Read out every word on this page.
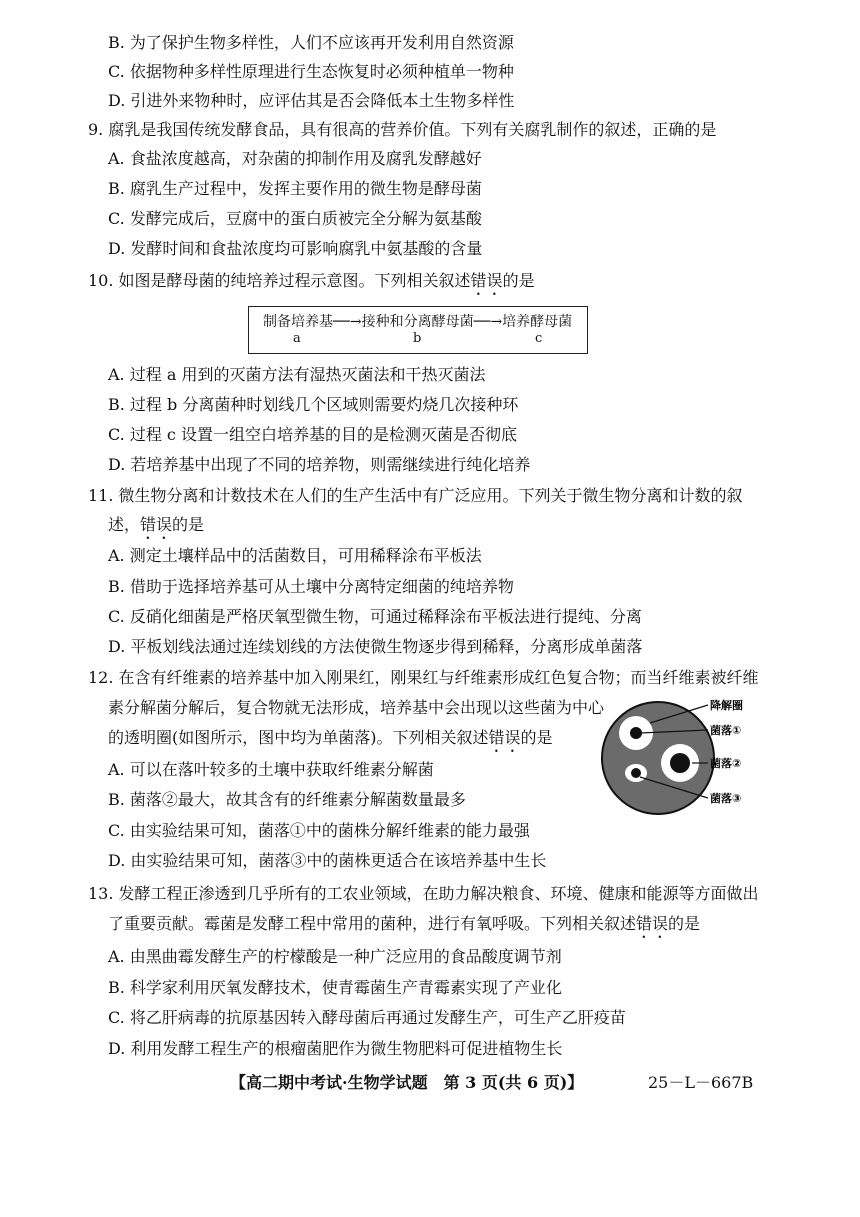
B. 为了保护生物多样性，人们不应该再开发利用自然资源
C. 依据物种多样性原理进行生态恢复时必须种植单一物种
D. 引进外来物种时，应评估其是否会降低本土生物多样性
9. 腐乳是我国传统发酵食品，具有很高的营养价值。下列有关腐乳制作的叙述，正确的是
A. 食盐浓度越高，对杂菌的抑制作用及腐乳发酵越好
B. 腐乳生产过程中，发挥主要作用的微生物是酵母菌
C. 发酵完成后，豆腐中的蛋白质被完全分解为氨基酸
D. 发酵时间和食盐浓度均可影响腐乳中氨基酸的含量
10. 如图是酵母菌的纯培养过程示意图。下列相关叙述错误的是
制备培养基──→接种和分离酵母菌──→培养酵母菌
a	b	c
A. 过程 a 用到的灭菌方法有湿热灭菌法和干热灭菌法
B. 过程 b 分离菌种时划线几个区域则需要灼烧几次接种环
C. 过程 c 设置一组空白培养基的目的是检测灭菌是否彻底
D. 若培养基中出现了不同的培养物，则需继续进行纯化培养
11. 微生物分离和计数技术在人们的生产生活中有广泛应用。下列关于微生物分离和计数的叙
述，错误的是
A. 测定土壤样品中的活菌数目，可用稀释涂布平板法
B. 借助于选择培养基可从土壤中分离特定细菌的纯培养物
C. 反硝化细菌是严格厌氧型微生物，可通过稀释涂布平板法进行提纯、分离
D. 平板划线法通过连续划线的方法使微生物逐步得到稀释，分离形成单菌落
12. 在含有纤维素的培养基中加入刚果红，刚果红与纤维素形成红色复合物；而当纤维素被纤维
素分解菌分解后，复合物就无法形成，培养基中会出现以这些菌为中心
的透明圈(如图所示，图中均为单菌落)。下列相关叙述错误的是
降解圈
菌落①
菌落②
菌落③
A. 可以在落叶较多的土壤中获取纤维素分解菌
B. 菌落②最大，故其含有的纤维素分解菌数量最多
C. 由实验结果可知，菌落①中的菌株分解纤维素的能力最强
D. 由实验结果可知，菌落③中的菌株更适合在该培养基中生长
13. 发酵工程正渗透到几乎所有的工农业领域，在助力解决粮食、环境、健康和能源等方面做出
了重要贡献。霉菌是发酵工程中常用的菌种，进行有氧呼吸。下列相关叙述错误的是
A. 由黑曲霉发酵生产的柠檬酸是一种广泛应用的食品酸度调节剂
B. 科学家利用厌氧发酵技术，使青霉菌生产青霉素实现了产业化
C. 将乙肝病毒的抗原基因转入酵母菌后再通过发酵生产，可生产乙肝疫苗
D. 利用发酵工程生产的根瘤菌肥作为微生物肥料可促进植物生长
【高二期中考试·生物学试题　第 3 页(共 6 页)】	25－L－667B
